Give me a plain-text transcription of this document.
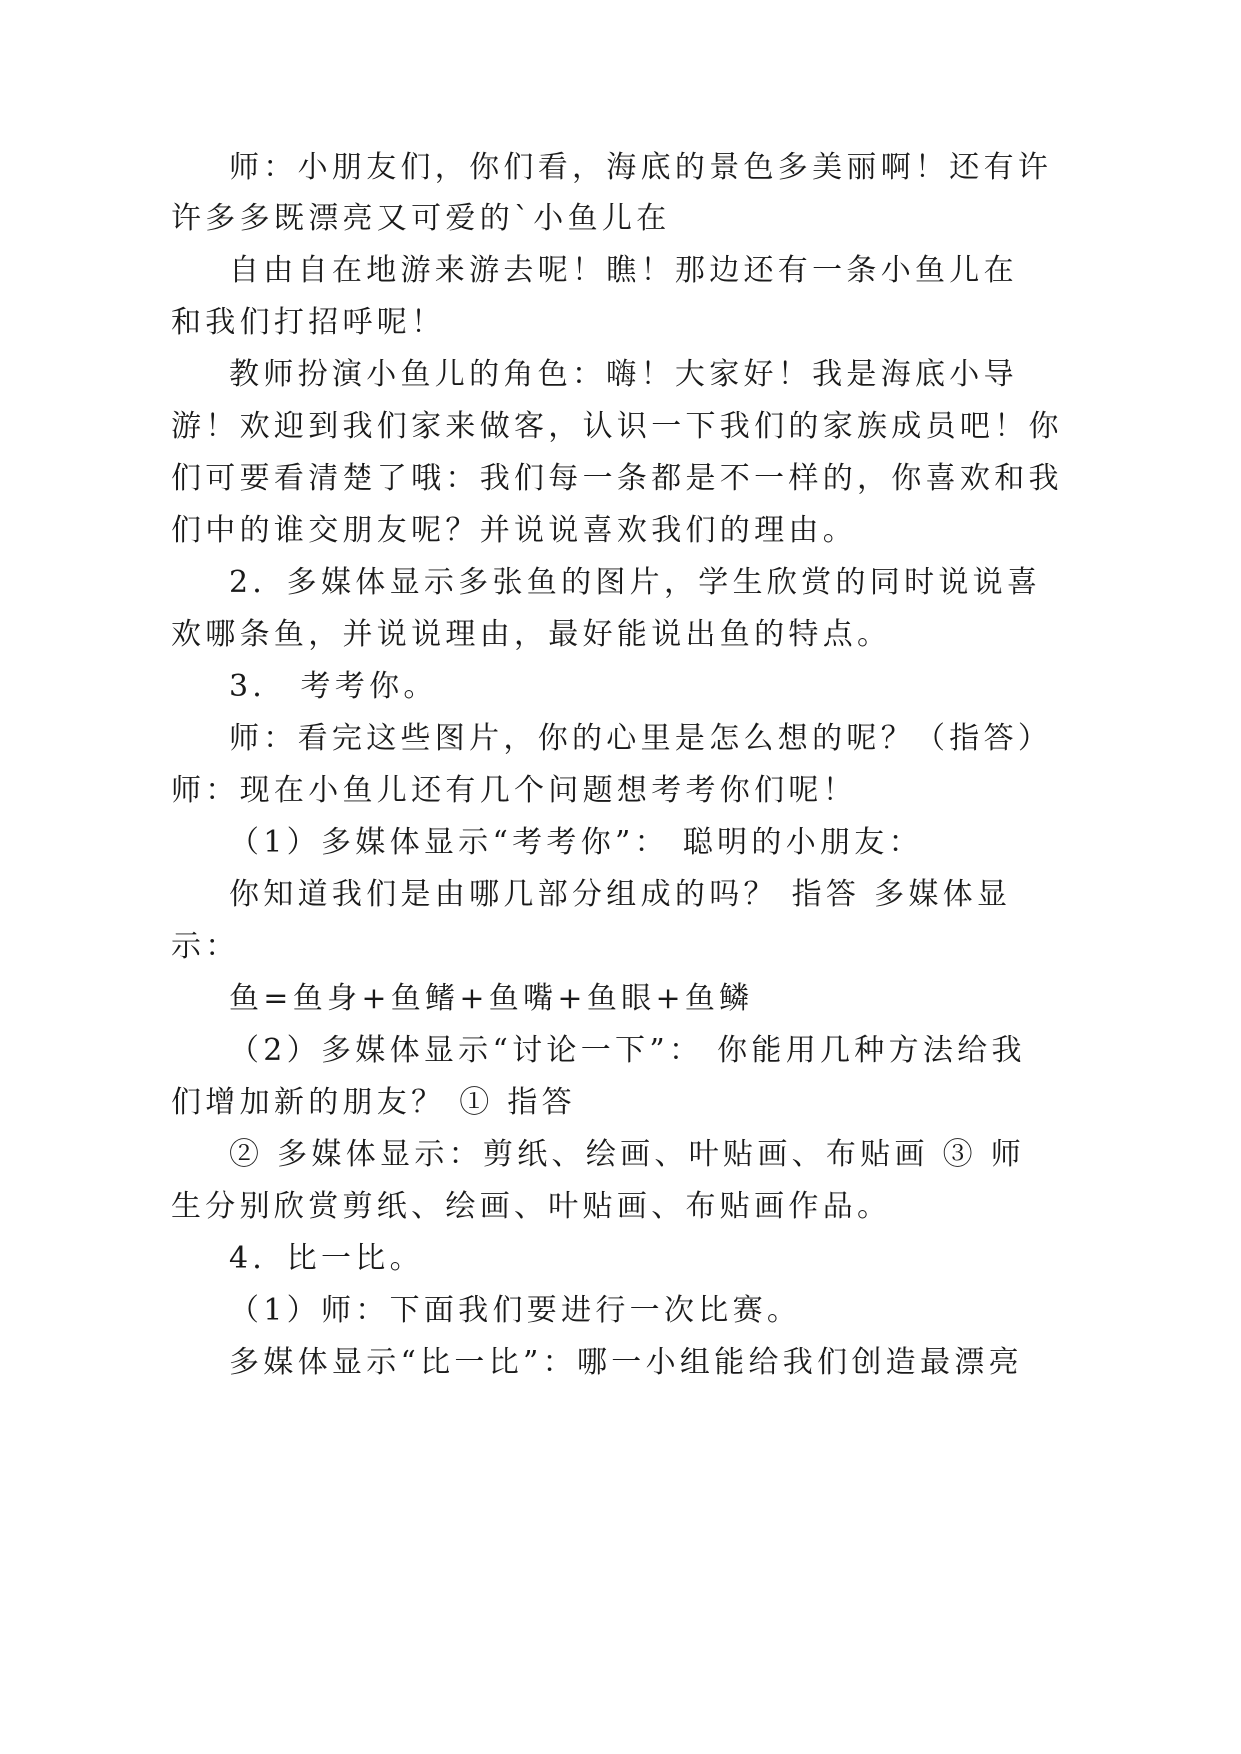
师：小朋友们，你们看，海底的景色多美丽啊！还有许
许多多既漂亮又可爱的`小鱼儿在
自由自在地游来游去呢！瞧！那边还有一条小鱼儿在
和我们打招呼呢！
教师扮演小鱼儿的角色：嗨！大家好！我是海底小导
游！欢迎到我们家来做客，认识一下我们的家族成员吧！你
们可要看清楚了哦：我们每一条都是不一样的，你喜欢和我
们中的谁交朋友呢？并说说喜欢我们的理由。
2．多媒体显示多张鱼的图片，学生欣赏的同时说说喜
欢哪条鱼，并说说理由，最好能说出鱼的特点。
3． 考考你。
师：看完这些图片，你的心里是怎么想的呢？（指答）
师：现在小鱼儿还有几个问题想考考你们呢！
（1）多媒体显示“考考你”： 聪明的小朋友：
你知道我们是由哪几部分组成的吗？ 指答 多媒体显
示：
鱼=鱼身+鱼鳍+鱼嘴+鱼眼+鱼鳞
（2）多媒体显示“讨论一下”： 你能用几种方法给我
们增加新的朋友？ ① 指答
② 多媒体显示：剪纸、绘画、叶贴画、布贴画 ③ 师
生分别欣赏剪纸、绘画、叶贴画、布贴画作品。
4．比一比。
（1）师：下面我们要进行一次比赛。
多媒体显示“比一比”：哪一小组能给我们创造最漂亮
